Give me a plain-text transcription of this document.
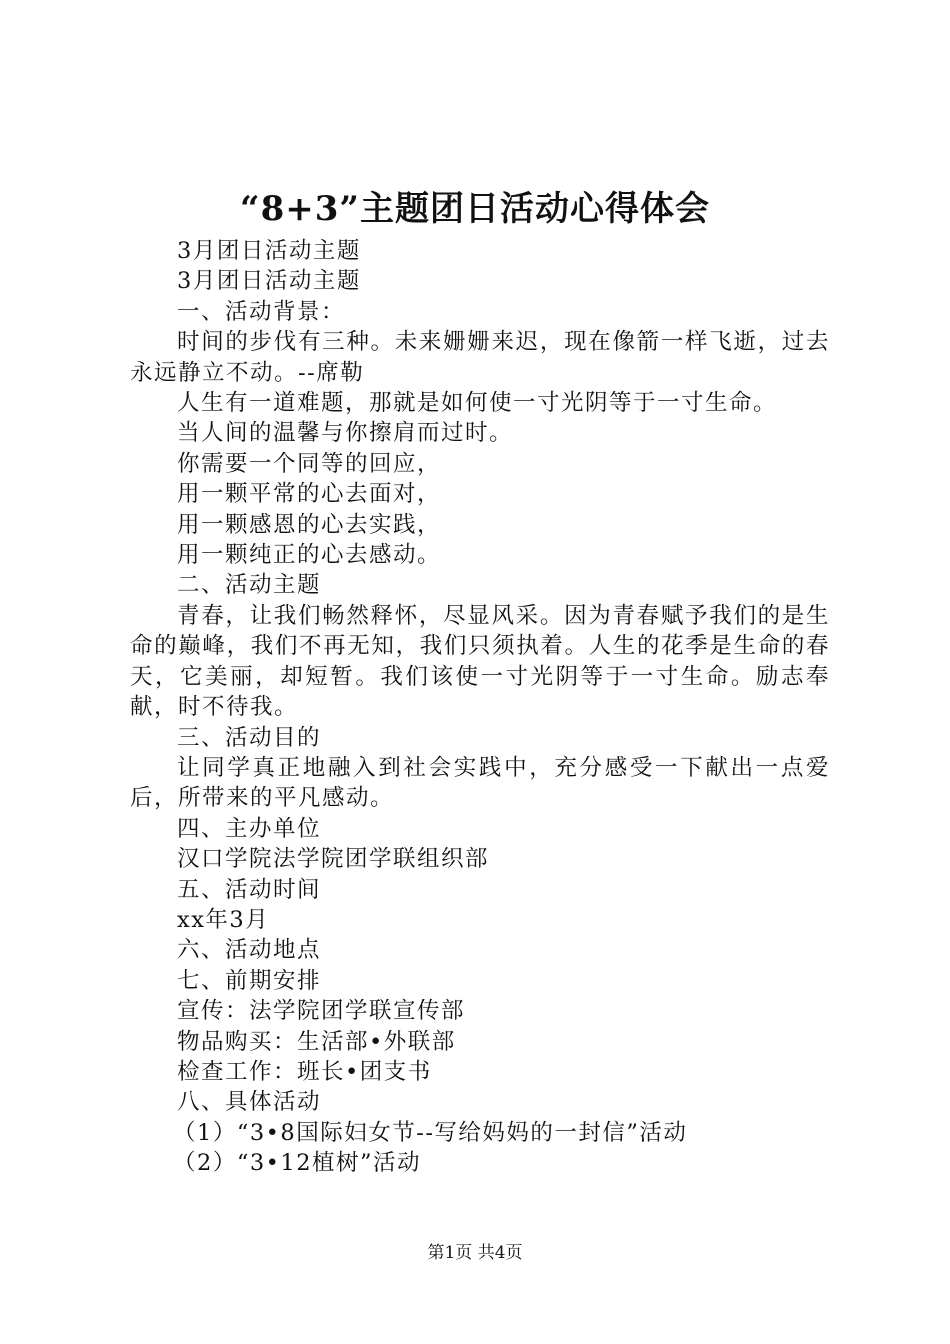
“8+3”主题团日活动心得体会

3月团日活动主题

3月团日活动主题

一、活动背景：

时间的步伐有三种。未来姗姗来迟，现在像箭一样飞逝，过去永远静立不动。--席勒

人生有一道难题，那就是如何使一寸光阴等于一寸生命。

当人间的温馨与你擦肩而过时。

你需要一个同等的回应，

用一颗平常的心去面对，

用一颗感恩的心去实践，

用一颗纯正的心去感动。

二、活动主题

青春，让我们畅然释怀，尽显风采。因为青春赋予我们的是生命的巅峰，我们不再无知，我们只须执着。人生的花季是生命的春天，它美丽，却短暂。我们该使一寸光阴等于一寸生命。励志奉献，时不待我。

三、活动目的

让同学真正地融入到社会实践中，充分感受一下献出一点爱后，所带来的平凡感动。

四、主办单位

汉口学院法学院团学联组织部

五、活动时间

xx年3月

六、活动地点

七、前期安排

宣传：法学院团学联宣传部

物品购买：生活部•外联部

检查工作：班长•团支书

八、具体活动

（1）“3•8国际妇女节--写给妈妈的一封信”活动

（2）“3•12植树”活动

第1页 共4页
